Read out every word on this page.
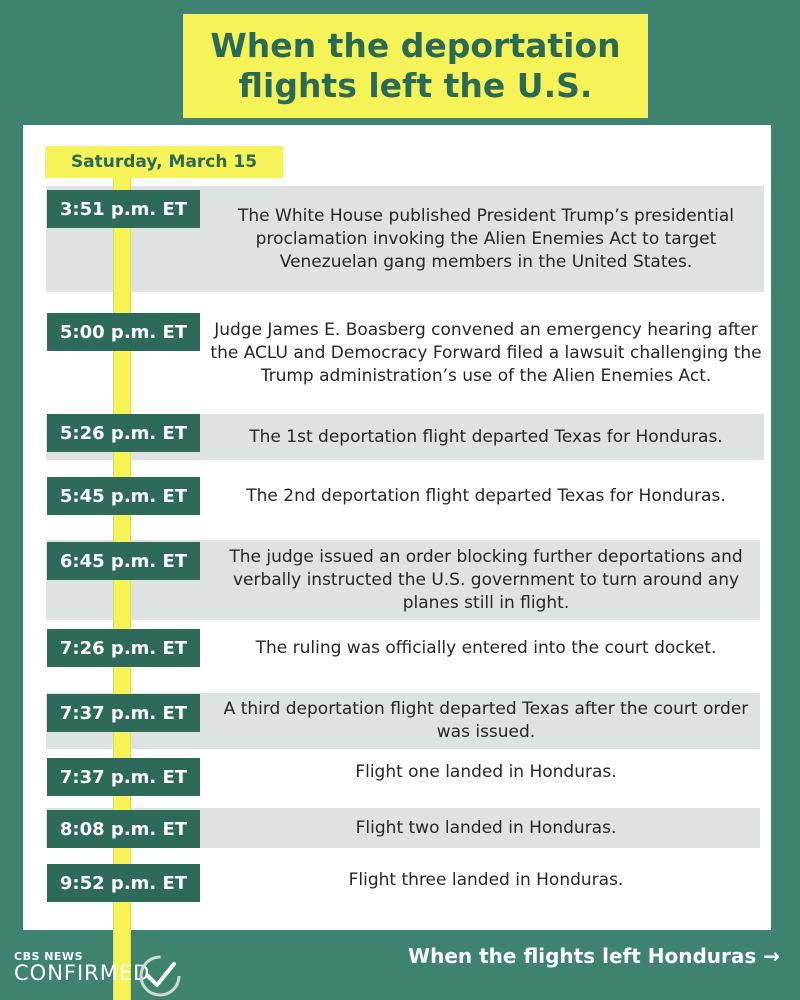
When the deportation flights left the U.S.
Saturday, March 15
3:51 p.m. ET	The White House published President Trump’s presidential proclamation invoking the Alien Enemies Act to target Venezuelan gang members in the United States.
5:00 p.m. ET	Judge James E. Boasberg convened an emergency hearing after the ACLU and Democracy Forward filed a lawsuit challenging the Trump administration’s use of the Alien Enemies Act.
5:26 p.m. ET	The 1st deportation flight departed Texas for Honduras.
5:45 p.m. ET	The 2nd deportation flight departed Texas for Honduras.
6:45 p.m. ET	The judge issued an order blocking further deportations and verbally instructed the U.S. government to turn around any planes still in flight.
7:26 p.m. ET	The ruling was officially entered into the court docket.
7:37 p.m. ET	A third deportation flight departed Texas after the court order was issued.
7:37 p.m. ET	Flight one landed in Honduras.
8:08 p.m. ET	Flight two landed in Honduras.
9:52 p.m. ET	Flight three landed in Honduras.
CBS NEWS
CONFIRMED
When the flights left Honduras →
